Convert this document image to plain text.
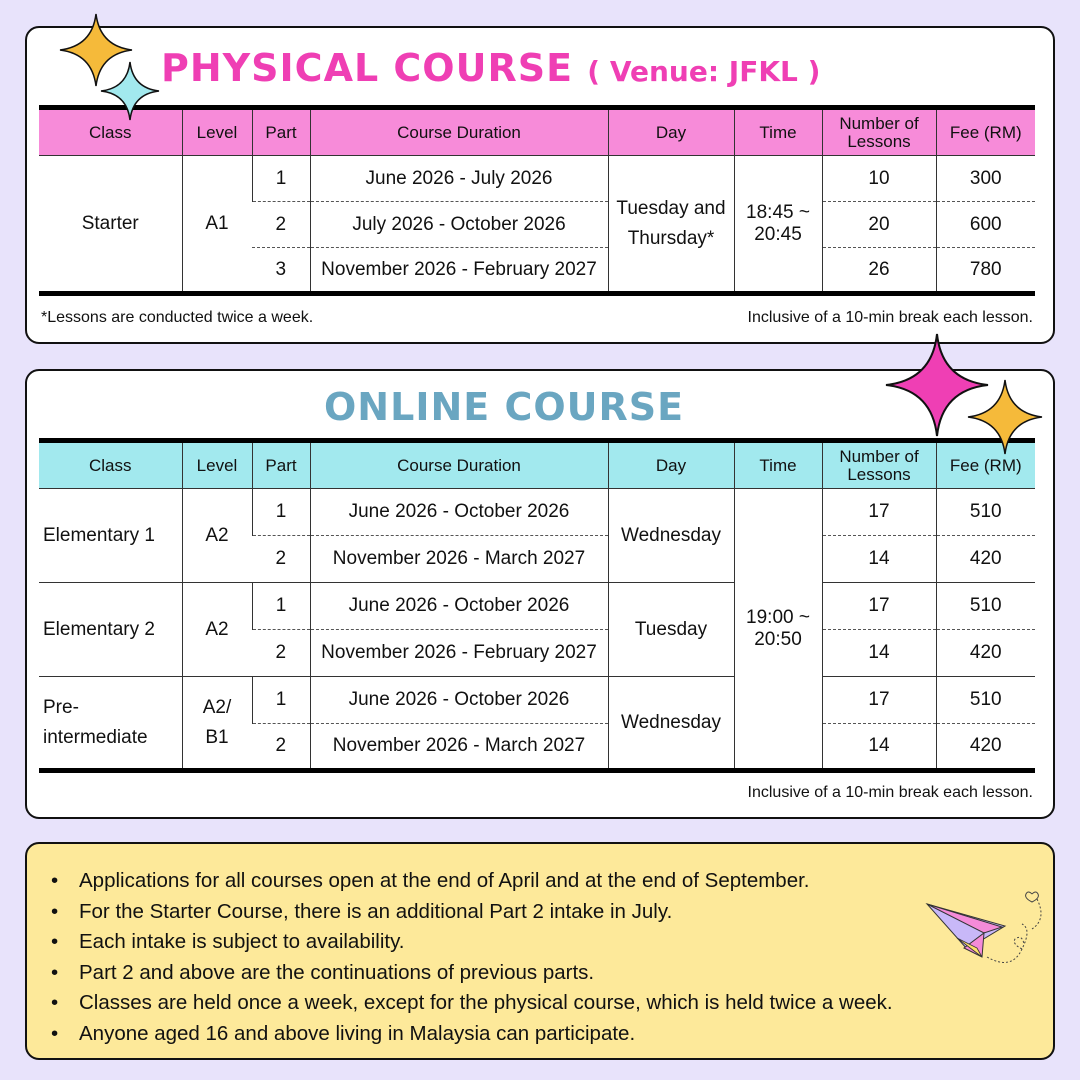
PHYSICAL COURSE ( Venue: JFKL )
Class	Level	Part	Course Duration	Day	Time	Number of Lessons	Fee (RM)
Starter	A1	1	June 2026 - July 2026	Tuesday and Thursday*	18:45 ~ 20:45	10	300
		2	July 2026 - October 2026			20	600
		3	November 2026 - February 2027			26	780
*Lessons are conducted twice a week.	Inclusive of a 10-min break each lesson.
ONLINE COURSE
Class	Level	Part	Course Duration	Day	Time	Number of Lessons	Fee (RM)
Elementary 1	A2	1	June 2026 - October 2026	Wednesday	19:00 ~ 20:50	17	510
		2	November 2026 - March 2027			14	420
Elementary 2	A2	1	June 2026 - October 2026	Tuesday		17	510
		2	November 2026 - February 2027			14	420
Pre-intermediate	A2/ B1	1	June 2026 - October 2026	Wednesday		17	510
		2	November 2026 - March 2027			14	420
Inclusive of a 10-min break each lesson.
• Applications for all courses open at the end of April and at the end of September.
• For the Starter Course, there is an additional Part 2 intake in July.
• Each intake is subject to availability.
• Part 2 and above are the continuations of previous parts.
• Classes are held once a week, except for the physical course, which is held twice a week.
• Anyone aged 16 and above living in Malaysia can participate.
